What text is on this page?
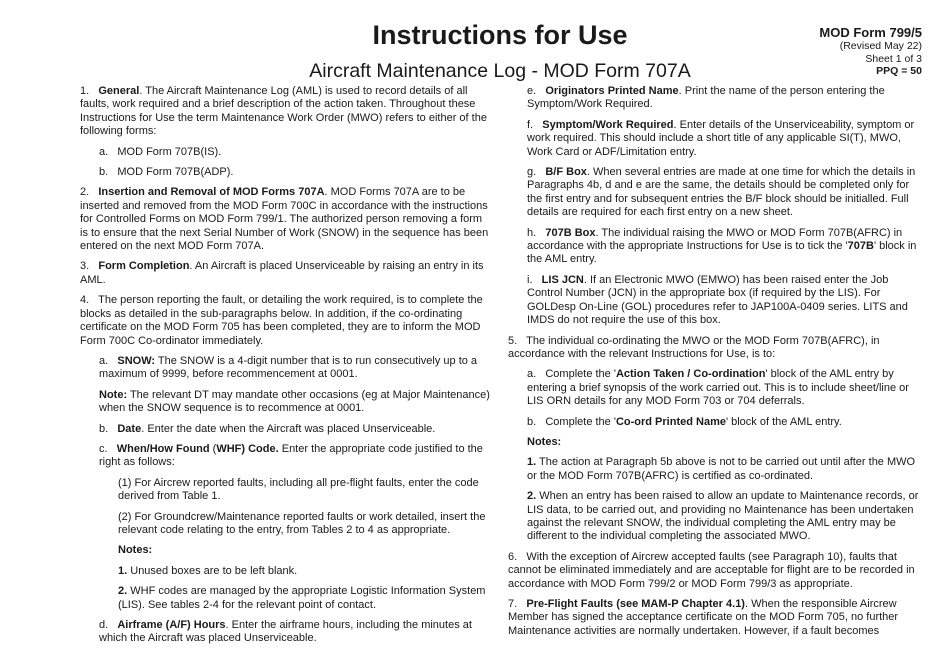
Instructions for Use
Aircraft Maintenance Log - MOD Form 707A
MOD Form 799/5
(Revised May 22)
Sheet 1 of 3
PPQ = 50

1. General. The Aircraft Maintenance Log (AML) is used to record details of all faults, work required and a brief description of the action taken. Throughout these Instructions for Use the term Maintenance Work Order (MWO) refers to either of the following forms:

a. MOD Form 707B(IS).

b. MOD Form 707B(ADP).

2. Insertion and Removal of MOD Forms 707A. MOD Forms 707A are to be inserted and removed from the MOD Form 700C in accordance with the instructions for Controlled Forms on MOD Form 799/1. The authorized person removing a form is to ensure that the next Serial Number of Work (SNOW) in the sequence has been entered on the next MOD Form 707A.

3. Form Completion. An Aircraft is placed Unserviceable by raising an entry in its AML.

4. The person reporting the fault, or detailing the work required, is to complete the blocks as detailed in the sub-paragraphs below. In addition, if the co-ordinating certificate on the MOD Form 705 has been completed, they are to inform the MOD Form 700C Co-ordinator immediately.

a. SNOW: The SNOW is a 4-digit number that is to run consecutively up to a maximum of 9999, before recommencement at 0001.

Note: The relevant DT may mandate other occasions (eg at Major Maintenance) when the SNOW sequence is to recommence at 0001.

b. Date. Enter the date when the Aircraft was placed Unserviceable.

c. When/How Found (WHF) Code. Enter the appropriate code justified to the right as follows:

(1) For Aircrew reported faults, including all pre-flight faults, enter the code derived from Table 1.

(2) For Groundcrew/Maintenance reported faults or work detailed, insert the relevant code relating to the entry, from Tables 2 to 4 as appropriate.

Notes:

1. Unused boxes are to be left blank.

2. WHF codes are managed by the appropriate Logistic Information System (LIS). See tables 2-4 for the relevant point of contact.

d. Airframe (A/F) Hours. Enter the airframe hours, including the minutes at which the Aircraft was placed Unserviceable.

e. Originators Printed Name. Print the name of the person entering the Symptom/Work Required.

f. Symptom/Work Required. Enter details of the Unserviceability, symptom or work required. This should include a short title of any applicable SI(T), MWO, Work Card or ADF/Limitation entry.

g. B/F Box. When several entries are made at one time for which the details in Paragraphs 4b, d and e are the same, the details should be completed only for the first entry and for subsequent entries the B/F block should be initialled. Full details are required for each first entry on a new sheet.

h. 707B Box. The individual raising the MWO or MOD Form 707B(AFRC) in accordance with the appropriate Instructions for Use is to tick the '707B' block in the AML entry.

i. LIS JCN. If an Electronic MWO (EMWO) has been raised enter the Job Control Number (JCN) in the appropriate box (if required by the LIS). For GOLDesp On-Line (GOL) procedures refer to JAP100A-0409 series. LITS and IMDS do not require the use of this box.

5. The individual co-ordinating the MWO or the MOD Form 707B(AFRC), in accordance with the relevant Instructions for Use, is to:

a. Complete the 'Action Taken / Co-ordination' block of the AML entry by entering a brief synopsis of the work carried out. This is to include sheet/line or LIS ORN details for any MOD Form 703 or 704 deferrals.

b. Complete the 'Co-ord Printed Name' block of the AML entry.

Notes:

1. The action at Paragraph 5b above is not to be carried out until after the MWO or the MOD Form 707B(AFRC) is certified as co-ordinated.

2. When an entry has been raised to allow an update to Maintenance records, or LIS data, to be carried out, and providing no Maintenance has been undertaken against the relevant SNOW, the individual completing the AML entry may be different to the individual completing the associated MWO.

6. With the exception of Aircrew accepted faults (see Paragraph 10), faults that cannot be eliminated immediately and are acceptable for flight are to be recorded in accordance with MOD Form 799/2 or MOD Form 799/3 as appropriate.

7. Pre-Flight Faults (see MAM-P Chapter 4.1). When the responsible Aircrew Member has signed the acceptance certificate on the MOD Form 705, no further Maintenance activities are normally undertaken. However, if a fault becomes
